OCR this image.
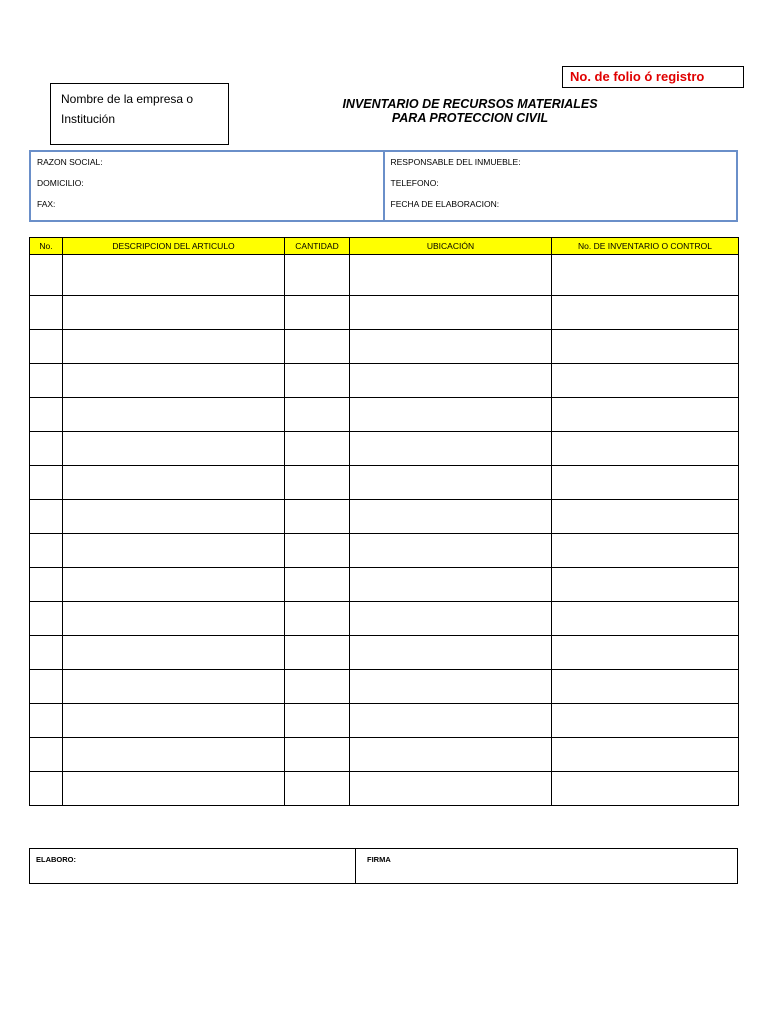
No. de folio ó registro
Nombre de la empresa o
Institución
INVENTARIO DE RECURSOS MATERIALES

PARA PROTECCION CIVIL
RAZON SOCIAL:
DOMICILIO:
FAX:
RESPONSABLE DEL INMUEBLE:
TELEFONO:
FECHA DE ELABORACION:
No.	DESCRIPCION DEL ARTICULO	CANTIDAD	UBICACIÓN	No. DE INVENTARIO O CONTROL

ELABORO:	FIRMA
